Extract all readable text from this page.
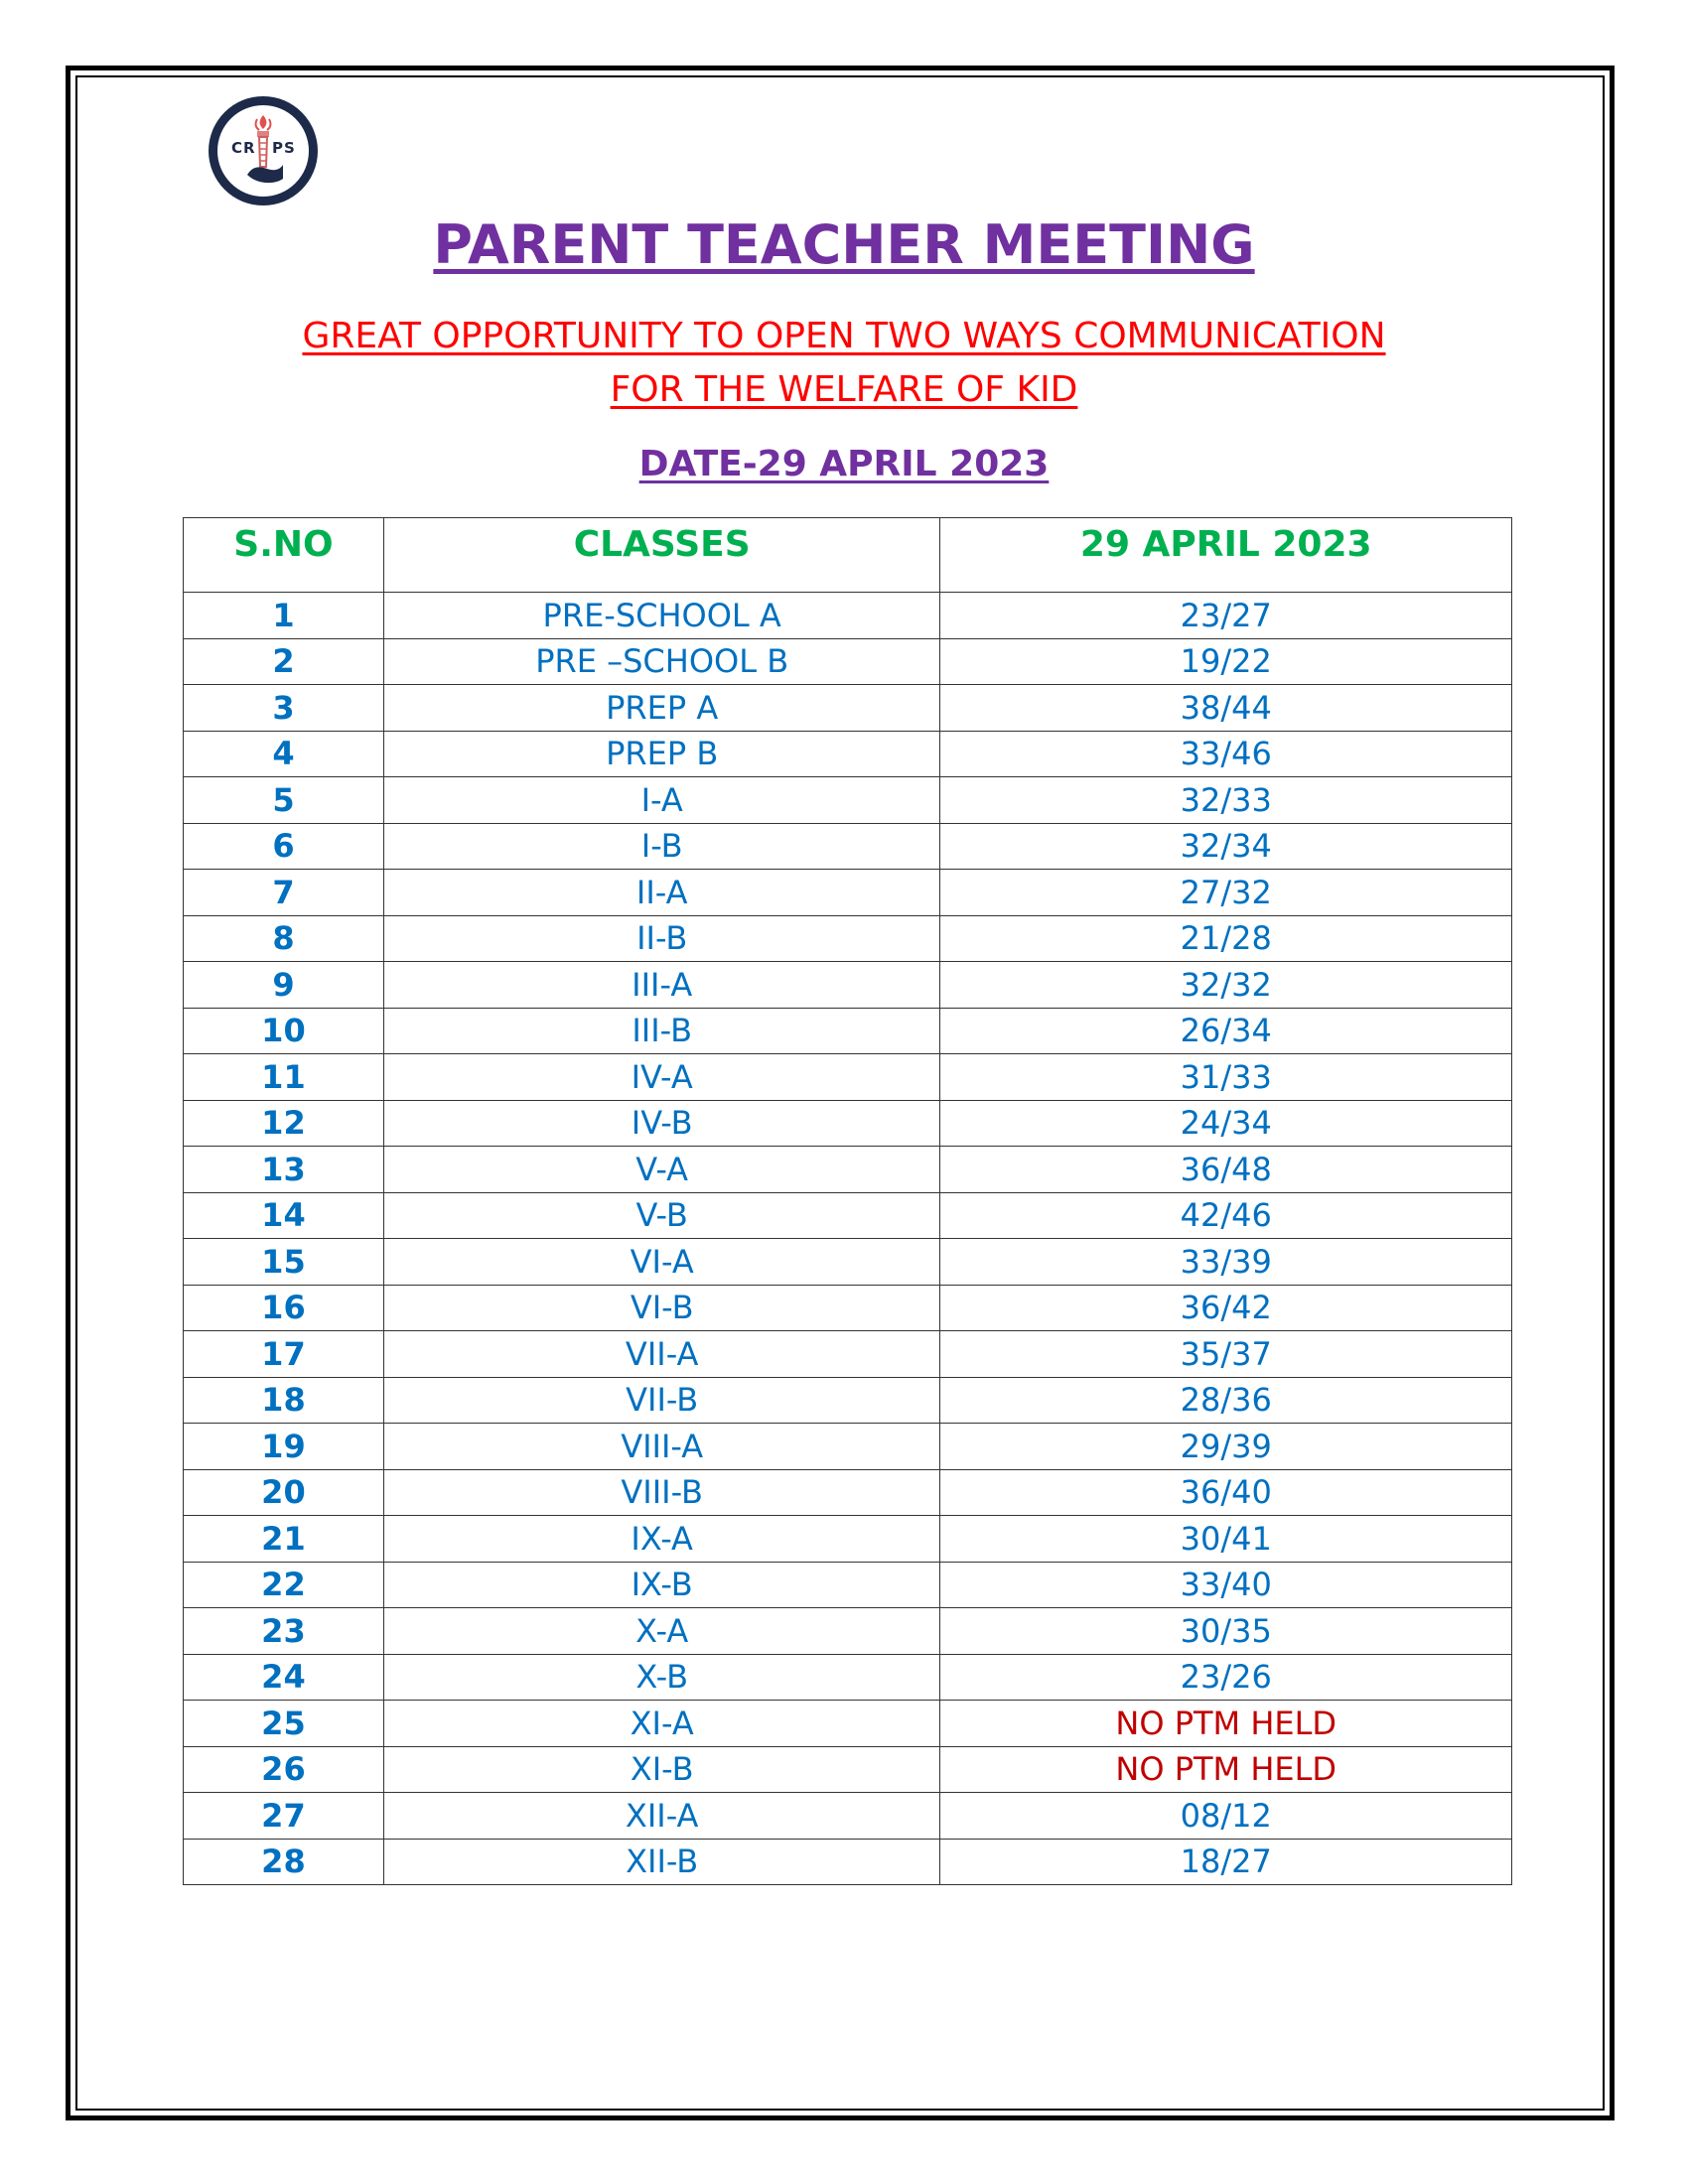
CR PS
PARENT TEACHER MEETING
GREAT OPPORTUNITY TO OPEN TWO WAYS COMMUNICATION
FOR THE WELFARE OF KID
DATE-29 APRIL 2023
S.NO	CLASSES	29 APRIL 2023
1	PRE-SCHOOL A	23/27
2	PRE –SCHOOL B	19/22
3	PREP A	38/44
4	PREP B	33/46
5	I-A	32/33
6	I-B	32/34
7	II-A	27/32
8	II-B	21/28
9	III-A	32/32
10	III-B	26/34
11	IV-A	31/33
12	IV-B	24/34
13	V-A	36/48
14	V-B	42/46
15	VI-A	33/39
16	VI-B	36/42
17	VII-A	35/37
18	VII-B	28/36
19	VIII-A	29/39
20	VIII-B	36/40
21	IX-A	30/41
22	IX-B	33/40
23	X-A	30/35
24	X-B	23/26
25	XI-A	NO PTM HELD
26	XI-B	NO PTM HELD
27	XII-A	08/12
28	XII-B	18/27
